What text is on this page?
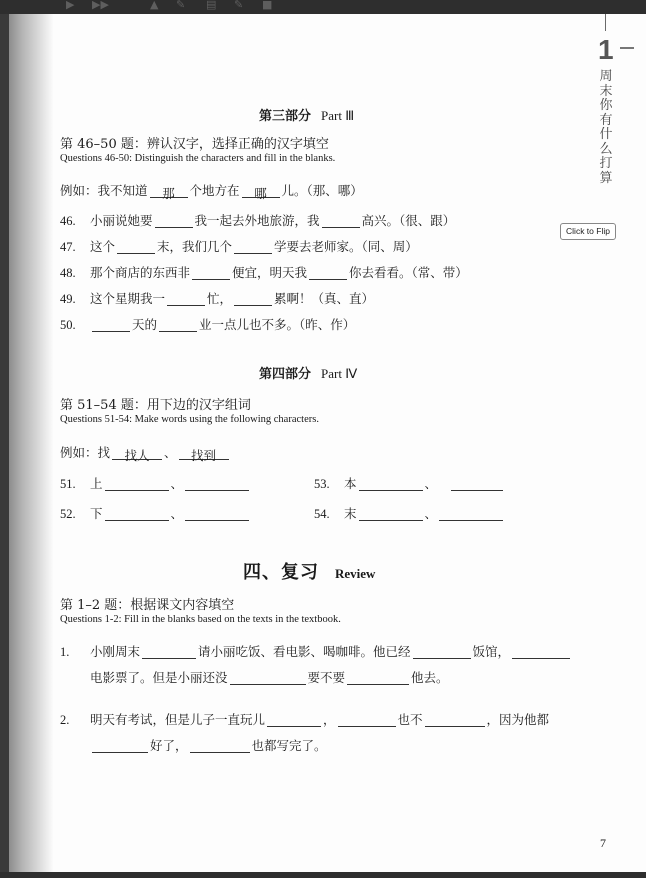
▶ ▶▶	▲ ✎ ▤ ✎ ■
1
周
末
你
有
什
么
打
算
Click to Flip
第三部分 Part Ⅲ
第 46–50 题：辨认汉字，选择正确的汉字填空
Questions 46-50: Distinguish the characters and fill in the blanks.
例如：我不知道 那 个地方在 哪 儿。（那、哪）
46. 小丽说她要	我一起去外地旅游，我	高兴。（很、跟）
47. 这个	末，我们几个	学要去老师家。（同、周）
48. 那个商店的东西非	便宜，明天我	你去看看。（常、带）
49. 这个星期我一	忙，	累啊！（真、直）
50.	天的	业一点儿也不多。（昨、作）
第四部分 Part Ⅳ
第 51–54 题：用下边的汉字组词
Questions 51-54: Make words using the following characters.
例如：找 找人 、 找到
51. 上	、	53. 本	、
52. 下	、	54. 末	、
四、复习 Review
第 1–2 题：根据课文内容填空
Questions 1-2: Fill in the blanks based on the texts in the textbook.
1. 小刚周末	请小丽吃饭、看电影、喝咖啡。他已经	饭馆，
电影票了。但是小丽还没	要不要	他去。
2. 明天有考试，但是儿子一直玩儿	，	也不	，因为他都
好了，	也都写完了。
7
